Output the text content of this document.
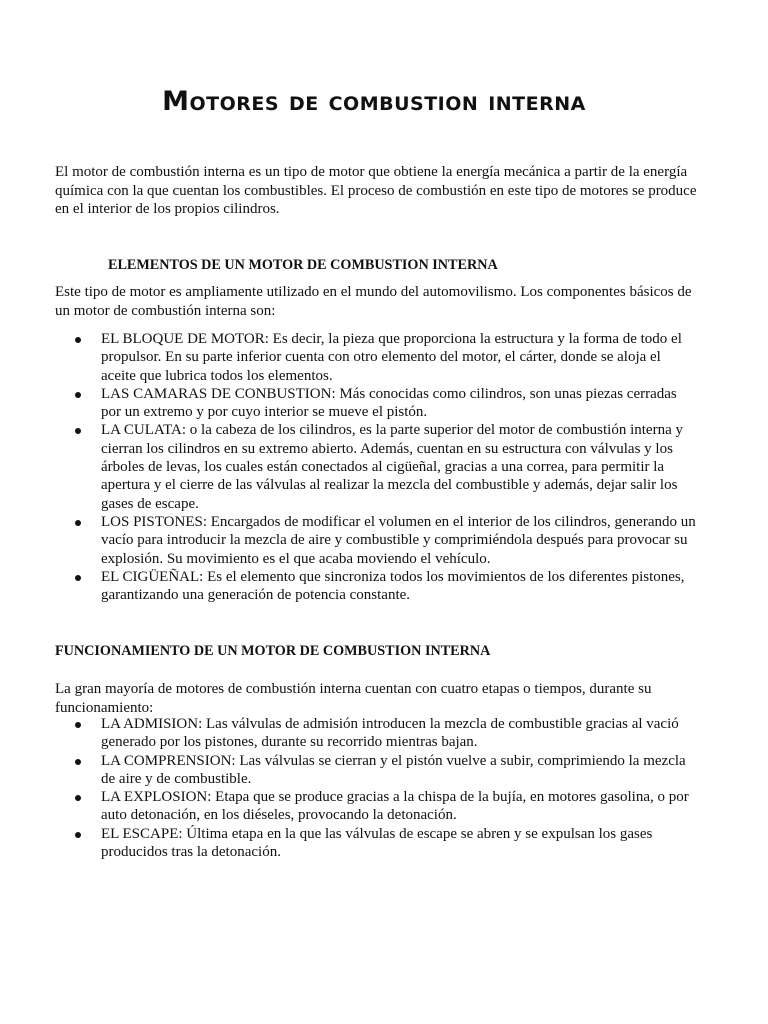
Motores de combustion interna

El motor de combustión interna es un tipo de motor que obtiene la energía mecánica a partir de la energía química con la que cuentan los combustibles. El proceso de combustión en este tipo de motores se produce en el interior de los propios cilindros.

ELEMENTOS DE UN MOTOR DE COMBUSTION INTERNA

Este tipo de motor es ampliamente utilizado en el mundo del automovilismo. Los componentes básicos de un motor de combustión interna son:

EL BLOQUE DE MOTOR: Es decir, la pieza que proporciona la estructura y la forma de todo el propulsor. En su parte inferior cuenta con otro elemento del motor, el cárter, donde se aloja el aceite que lubrica todos los elementos.
LAS CAMARAS DE CONBUSTION: Más conocidas como cilindros, son unas piezas cerradas por un extremo y por cuyo interior se mueve el pistón.
LA CULATA: o la cabeza de los cilindros, es la parte superior del motor de combustión interna y cierran los cilindros en su extremo abierto. Además, cuentan en su estructura con válvulas y los árboles de levas, los cuales están conectados al cigüeñal, gracias a una correa, para permitir la apertura y el cierre de las válvulas al realizar la mezcla del combustible y además, dejar salir los gases de escape.
LOS PISTONES: Encargados de modificar el volumen en el interior de los cilindros, generando un vacío para introducir la mezcla de aire y combustible y comprimiéndola después para provocar su explosión. Su movimiento es el que acaba moviendo el vehículo.
EL CIGÜEÑAL: Es el elemento que sincroniza todos los movimientos de los diferentes pistones, garantizando una generación de potencia constante.

FUNCIONAMIENTO DE UN MOTOR DE COMBUSTION INTERNA

La gran mayoría de motores de combustión interna cuentan con cuatro etapas o tiempos, durante su funcionamiento:

LA ADMISION: Las válvulas de admisión introducen la mezcla de combustible gracias al vació generado por los pistones, durante su recorrido mientras bajan.
LA COMPRENSION: Las válvulas se cierran y el pistón vuelve a subir, comprimiendo la mezcla de aire y de combustible.
LA EXPLOSION: Etapa que se produce gracias a la chispa de la bujía, en motores gasolina, o por auto detonación, en los diéseles, provocando la detonación.
EL ESCAPE: Última etapa en la que las válvulas de escape se abren y se expulsan los gases producidos tras la detonación.
